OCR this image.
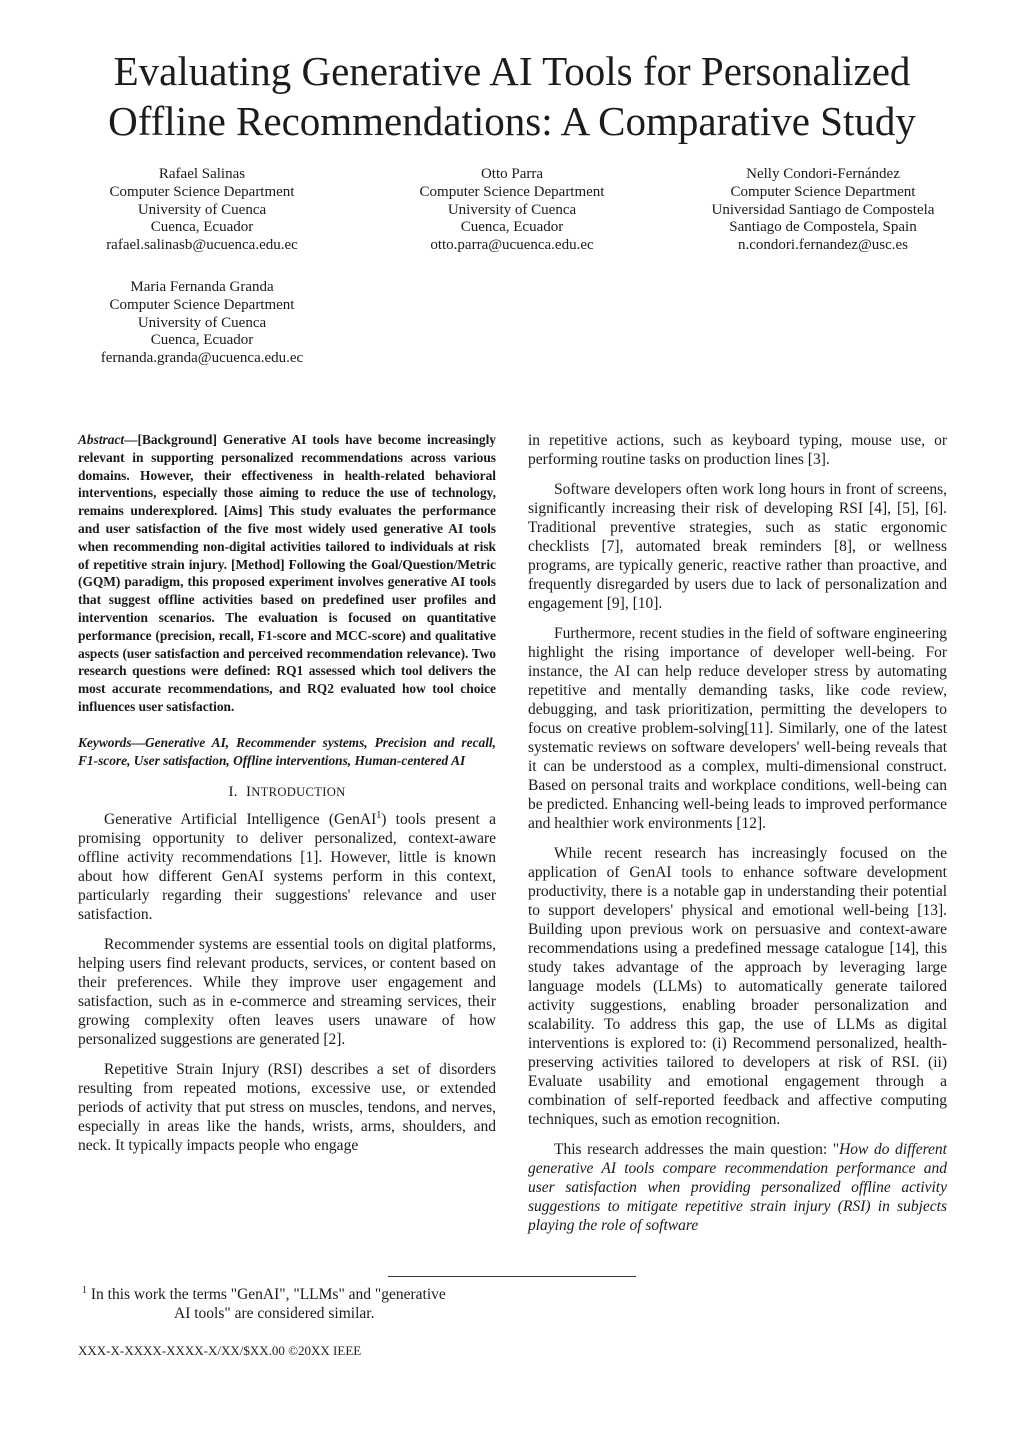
Evaluating Generative AI Tools for Personalized
Offline Recommendations: A Comparative Study
Rafael Salinas
Computer Science Department
University of Cuenca
Cuenca, Ecuador
rafael.salinasb@ucuenca.edu.ec
Otto Parra
Computer Science Department
University of Cuenca
Cuenca, Ecuador
otto.parra@ucuenca.edu.ec
Nelly Condori-Fernández
Computer Science Department
Universidad Santiago de Compostela
Santiago de Compostela, Spain
n.condori.fernandez@usc.es
Maria Fernanda Granda
Computer Science Department
University of Cuenca
Cuenca, Ecuador
fernanda.granda@ucuenca.edu.ec

Abstract—[Background] Generative AI tools have become increasingly relevant in supporting personalized recommendations across various domains. However, their effectiveness in health-related behavioral interventions, especially those aiming to reduce the use of technology, remains underexplored. [Aims] This study evaluates the performance and user satisfaction of the five most widely used generative AI tools when recommending non-digital activities tailored to individuals at risk of repetitive strain injury. [Method] Following the Goal/Question/Metric (GQM) paradigm, this proposed experiment involves generative AI tools that suggest offline activities based on predefined user profiles and intervention scenarios. The evaluation is focused on quantitative performance (precision, recall, F1-score and MCC-score) and qualitative aspects (user satisfaction and perceived recommendation relevance). Two research questions were defined: RQ1 assessed which tool delivers the most accurate recommendations, and RQ2 evaluated how tool choice influences user satisfaction.

Keywords—Generative AI, Recommender systems, Precision and recall, F1-score, User satisfaction, Offline interventions, Human-centered AI

I. INTRODUCTION

Generative Artificial Intelligence (GenAI$^1$) tools present a promising opportunity to deliver personalized, context-aware offline activity recommendations [1]. However, little is known about how different GenAI systems perform in this context, particularly regarding their suggestions' relevance and user satisfaction.

Recommender systems are essential tools on digital platforms, helping users find relevant products, services, or content based on their preferences. While they improve user engagement and satisfaction, such as in e-commerce and streaming services, their growing complexity often leaves users unaware of how personalized suggestions are generated [2].

Repetitive Strain Injury (RSI) describes a set of disorders resulting from repeated motions, excessive use, or extended periods of activity that put stress on muscles, tendons, and nerves, especially in areas like the hands, wrists, arms, shoulders, and neck. It typically impacts people who engage

in repetitive actions, such as keyboard typing, mouse use, or performing routine tasks on production lines [3].

Software developers often work long hours in front of screens, significantly increasing their risk of developing RSI [4], [5], [6]. Traditional preventive strategies, such as static ergonomic checklists [7], automated break reminders [8], or wellness programs, are typically generic, reactive rather than proactive, and frequently disregarded by users due to lack of personalization and engagement [9], [10].

Furthermore, recent studies in the field of software engineering highlight the rising importance of developer well-being. For instance, the AI can help reduce developer stress by automating repetitive and mentally demanding tasks, like code review, debugging, and task prioritization, permitting the developers to focus on creative problem-solving[11]. Similarly, one of the latest systematic reviews on software developers' well-being reveals that it can be understood as a complex, multi-dimensional construct. Based on personal traits and workplace conditions, well-being can be predicted. Enhancing well-being leads to improved performance and healthier work environments [12].

While recent research has increasingly focused on the application of GenAI tools to enhance software development productivity, there is a notable gap in understanding their potential to support developers' physical and emotional well-being [13]. Building upon previous work on persuasive and context-aware recommendations using a predefined message catalogue [14], this study takes advantage of the approach by leveraging large language models (LLMs) to automatically generate tailored activity suggestions, enabling broader personalization and scalability. To address this gap, the use of LLMs as digital interventions is explored to: (i) Recommend personalized, health-preserving activities tailored to developers at risk of RSI. (ii) Evaluate usability and emotional engagement through a combination of self-reported feedback and affective computing techniques, such as emotion recognition.

This research addresses the main question: "How do different generative AI tools compare recommendation performance and user satisfaction when providing personalized offline activity suggestions to mitigate repetitive strain injury (RSI) in subjects playing the role of software

$^1$ In this work the terms "GenAI", "LLMs" and "generative
AI tools" are considered similar.
XXX-X-XXXX-XXXX-X/XX/$XX.00 ©20XX IEEE
